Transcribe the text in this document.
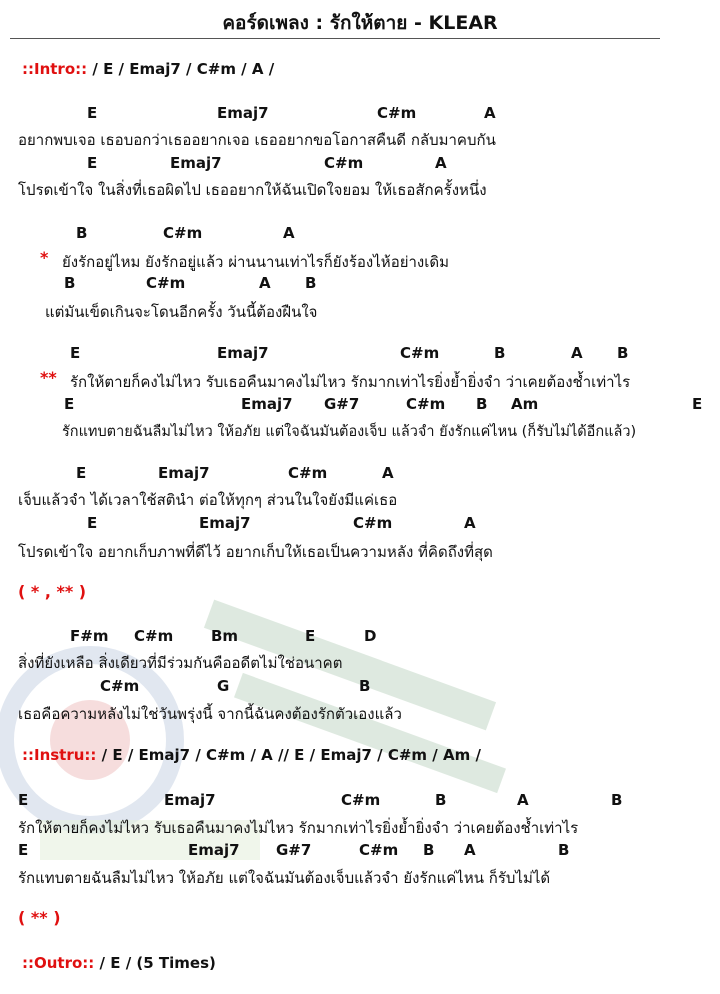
คอร์ดเพลง : รักให้ตาย - KLEAR
::Intro:: / E / Emaj7 / C#m / A /
E	Emaj7	C#m	A
อยากพบเจอ เธอบอกว่าเธออยากเจอ เธออยากขอโอกาสคืนดี กลับมาคบกัน
E	Emaj7	C#m	A
โปรดเข้าใจ ในสิ่งที่เธอผิดไป เธออยากให้ฉันเปิดใจยอม ให้เธอสักครั้งหนึ่ง
B	C#m	A
* ยังรักอยู่ไหม ยังรักอยู่แล้ว ผ่านนานเท่าไรก็ยังร้องไห้อย่างเดิม
B	C#m	A B
แต่มันเข็ดเกินจะโดนอีกครั้ง วันนี้ต้องฝืนใจ
E	Emaj7	C#m	B	A B
** รักให้ตายก็คงไม่ไหว รับเธอคืนมาคงไม่ไหว รักมากเท่าไรยิ่งย้ำยิ่งจำ ว่าเคยต้องช้ำเท่าไร
E	Emaj7 G#7	C#m B Am	E
รักแทบตายฉันลืมไม่ไหว ให้อภัย แต่ใจฉันมันต้องเจ็บ แล้วจำ ยังรักแค่ไหน (ก็รับไม่ได้อีกแล้ว)
E	Emaj7	C#m	A
เจ็บแล้วจำ ได้เวลาใช้สตินำ ต่อให้ทุกๆ ส่วนในใจยังมีแค่เธอ
E	Emaj7	C#m	A
โปรดเข้าใจ อยากเก็บภาพที่ดีไว้ อยากเก็บให้เธอเป็นความหลัง ที่คิดถึงที่สุด
( * , ** )
F#m C#m	Bm	E	D
สิ่งที่ยังเหลือ สิ่งเดียวที่มีร่วมกันคืออดีตไม่ใช่อนาคต
C#m	G	B
เธอคือความหลังไม่ใช่วันพรุ่งนี้ จากนี้ฉันคงต้องรักตัวเองแล้ว
::Instru:: / E / Emaj7 / C#m / A // E / Emaj7 / C#m / Am /
E	Emaj7	C#m	B	A	B
รักให้ตายก็คงไม่ไหว รับเธอคืนมาคงไม่ไหว รักมากเท่าไรยิ่งย้ำยิ่งจำ ว่าเคยต้องช้ำเท่าไร
E	Emaj7 G#7	C#m B A	B
รักแทบตายฉันลืมไม่ไหว ให้อภัย แต่ใจฉันมันต้องเจ็บแล้วจำ ยังรักแค่ไหน ก็รับไม่ได้
( ** )
::Outro:: / E / (5 Times)
